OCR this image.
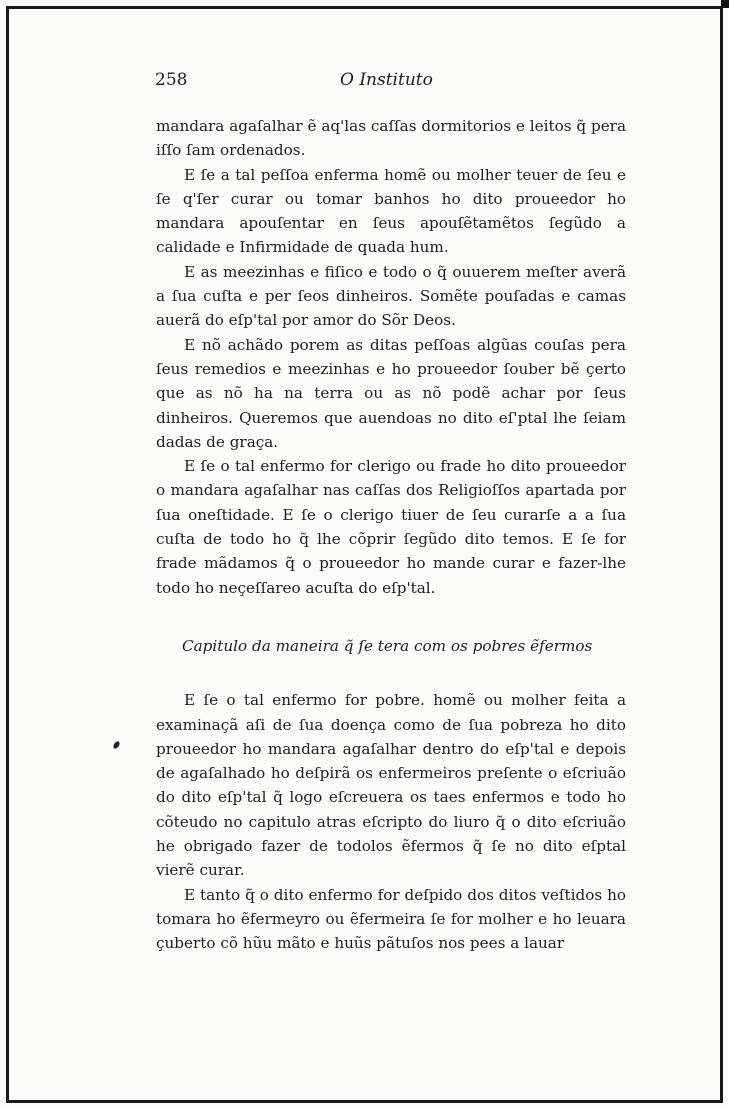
258	O Instituto

mandara agaſalhar ẽ aq'las caſſas dormitorios e leitos q̃ pera iſſo ſam ordenados.

E ſe a tal peſſoa enferma homẽ ou molher teuer de ſeu e ſe q'ſer curar ou tomar banhos ho dito proueedor ho mandara apouſentar en ſeus apouſẽtamẽtos ſegũdo a calidade e Infirmidade de quada hum.

E as meezinhas e fiſico e todo o q̃ ouuerem meſter averã a ſua cuſta e per ſeos dinheiros. Somẽte pouſadas e camas auerã do eſp'tal por amor do Sõr Deos.

E nõ achãdo porem as ditas peſſoas algũas couſas pera ſeus remedios e meezinhas e ho proueedor ſouber bẽ çerto que as nõ ha na terra ou as nõ podẽ achar por ſeus dinheiros. Queremos que auendoas no dito eſ'ptal lhe ſeiam dadas de graça.

E ſe o tal enfermo for clerigo ou frade ho dito proueedor o mandara agaſalhar nas caſſas dos Religioſſos apartada por ſua oneſtidade. E ſe o clerigo tiuer de ſeu curarſe a a ſua cuſta de todo ho q̃ lhe cõprir ſegũdo dito temos. E ſe for frade mãdamos q̃ o proueedor ho mande curar e fazer-lhe todo ho neçeſſareo acuſta do eſp'tal.

Capitulo da maneira q̃ ſe tera com os pobres ẽfermos

E ſe o tal enfermo for pobre. homẽ ou molher feita a examinaçã aſi de ſua doença como de ſua pobreza ho dito proueedor ho mandara agaſalhar dentro do eſp'tal e depois de agaſalhado ho deſpirã os enfermeiros preſente o eſcriuão do dito eſp'tal q̃ logo eſcreuera os taes enfermos e todo ho cõteudo no capitulo atras eſcripto do liuro q̃ o dito eſcriuão he obrigado fazer de todolos ẽfermos q̃ ſe no dito eſptal vierẽ curar.

E tanto q̃ o dito enfermo for deſpido dos ditos veſtidos ho tomara ho ẽfermeyro ou ẽfermeira ſe for molher e ho leuara çuberto cõ hũu mãto e huũs pãtuſos nos pees a lauar
